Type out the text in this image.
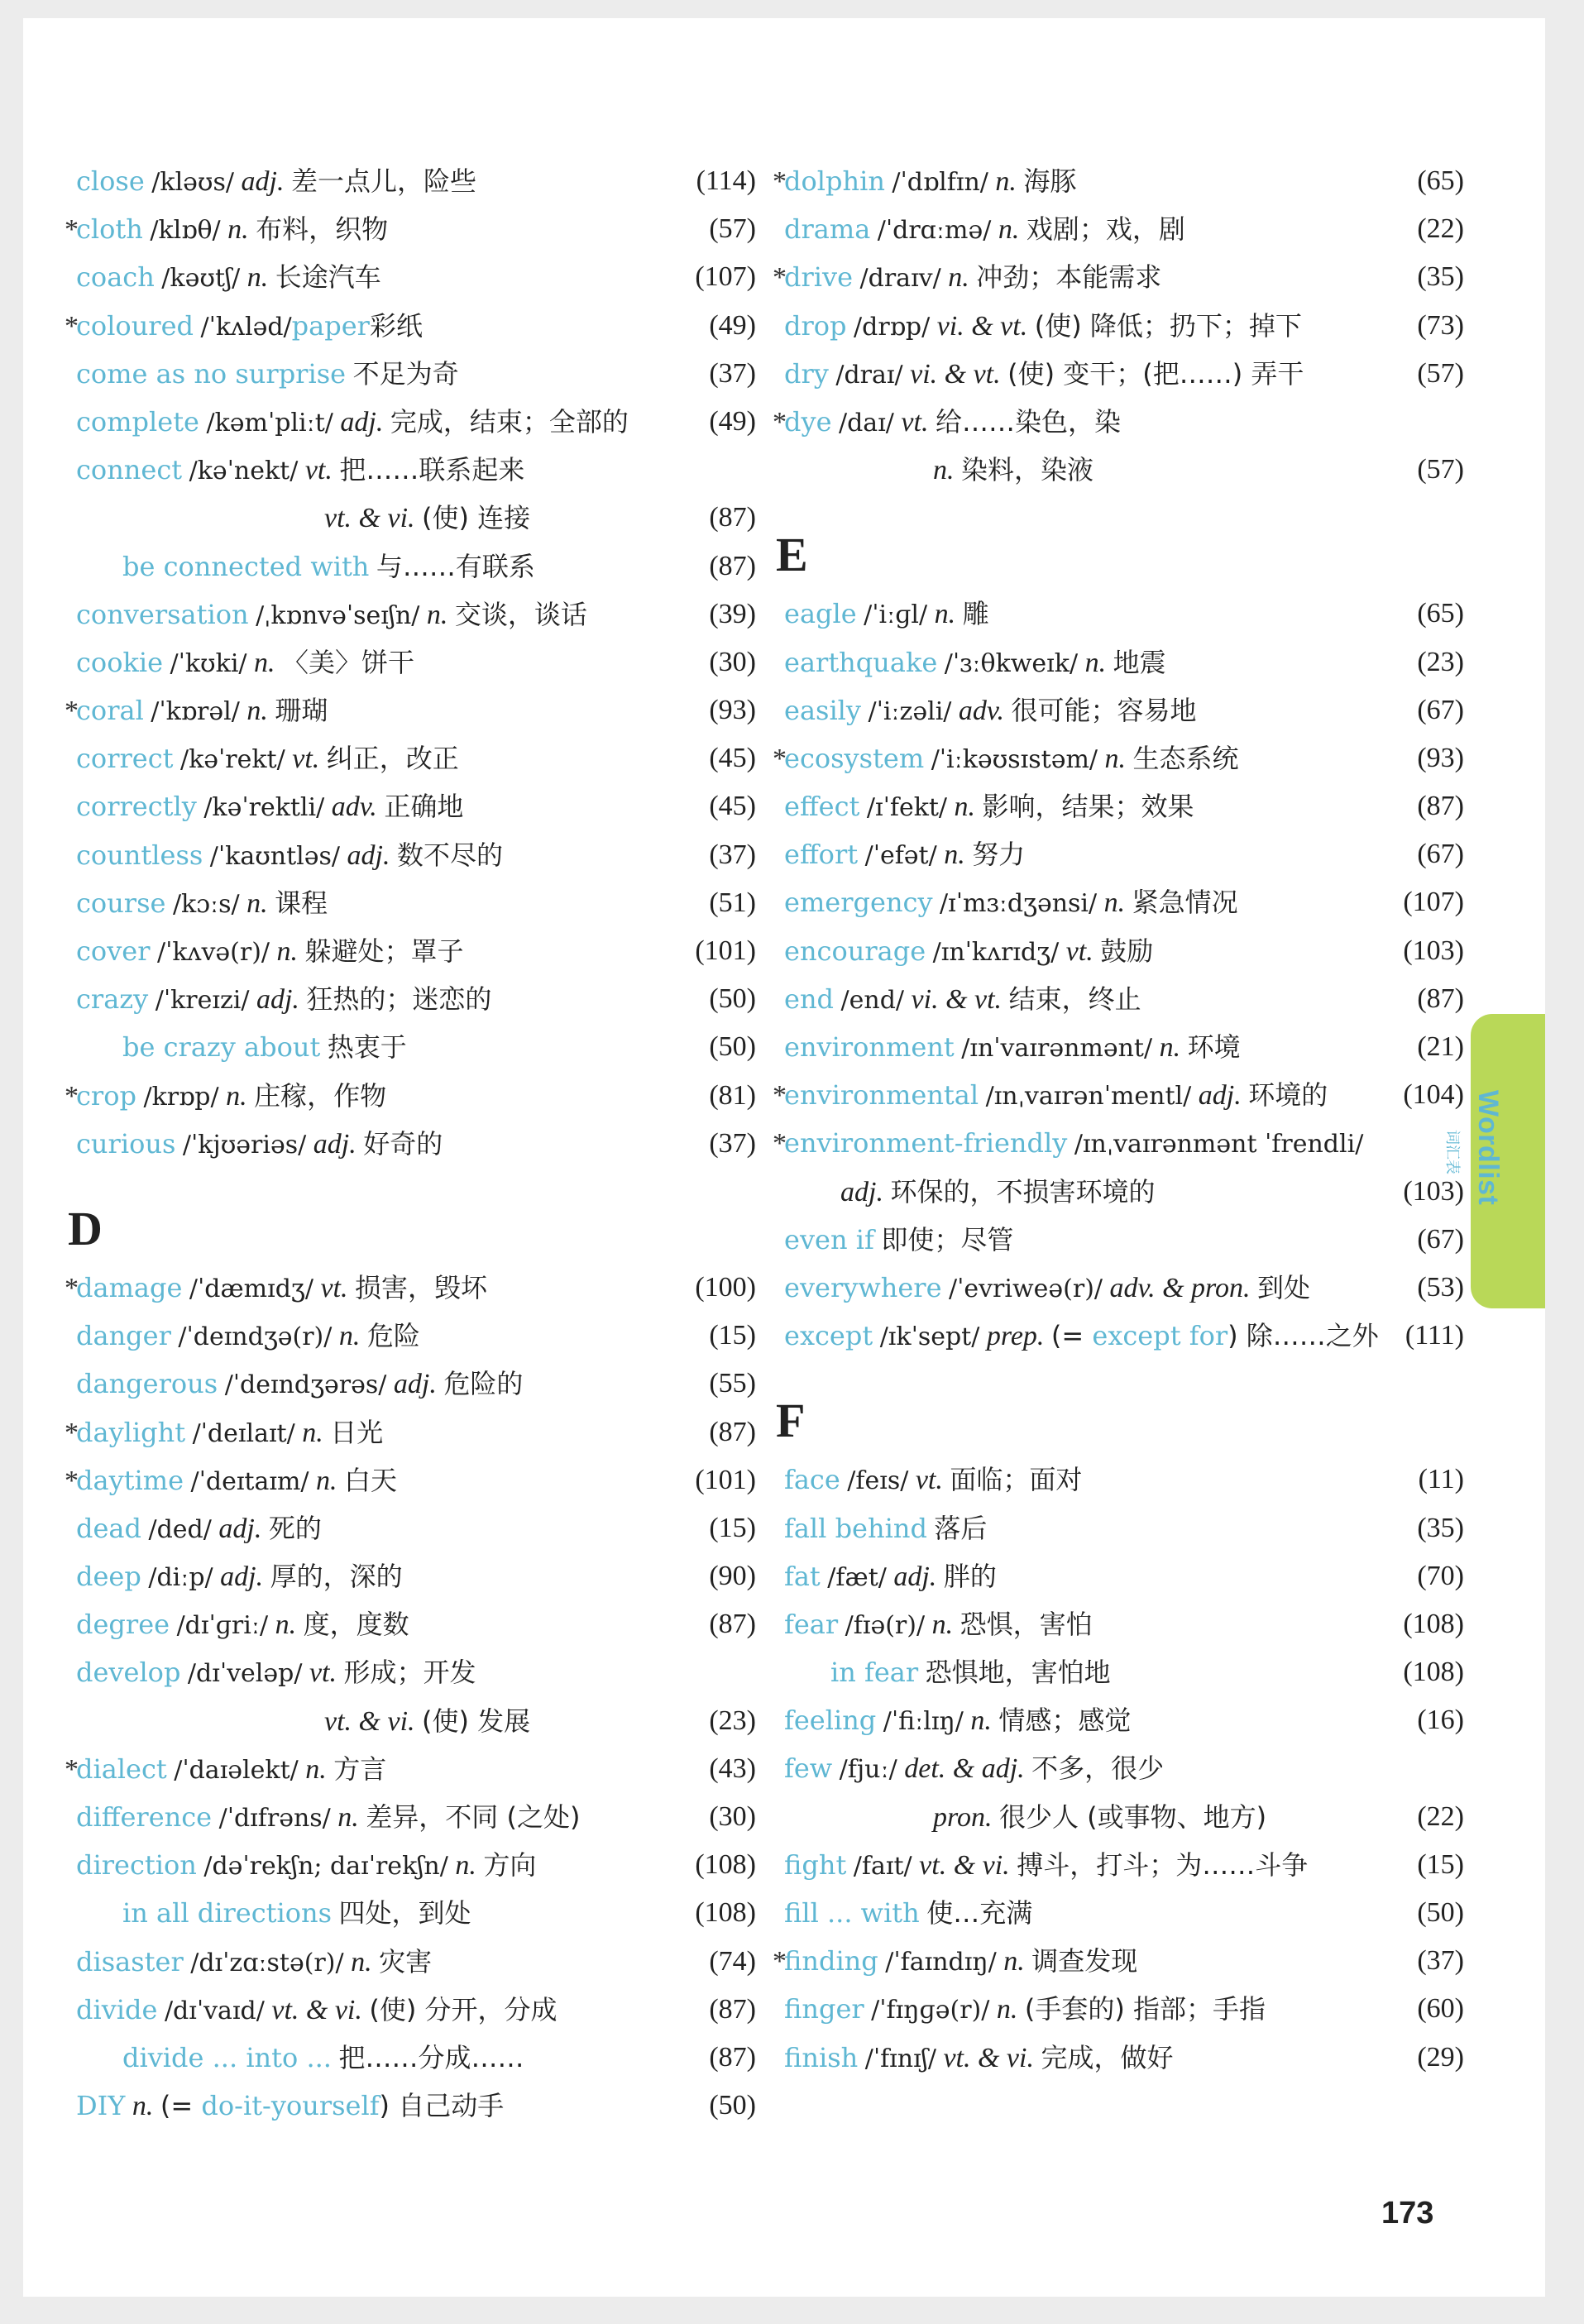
close /kləʊs/ adj. 差一点儿，险些	(114)
*cloth /klɒθ/ n. 布料，织物	(57)
coach /kəʊtʃ/ n. 长途汽车	(107)
*coloured /ˈkʌləd/paper彩纸	(49)
come as no surprise 不足为奇	(37)
complete /kəmˈpliːt/ adj. 完成，结束；全部的	(49)
connect /kəˈnekt/ vt. 把……联系起来
vt. & vi. (使) 连接	(87)
be connected with 与……有联系	(87)
conversation /ˌkɒnvəˈseɪʃn/ n. 交谈，谈话	(39)
cookie /ˈkʊki/ n. 〈美〉饼干	(30)
*coral /ˈkɒrəl/ n. 珊瑚	(93)
correct /kəˈrekt/ vt. 纠正，改正	(45)
correctly /kəˈrektli/ adv. 正确地	(45)
countless /ˈkaʊntləs/ adj. 数不尽的	(37)
course /kɔːs/ n. 课程	(51)
cover /ˈkʌvə(r)/ n. 躲避处；罩子	(101)
crazy /ˈkreɪzi/ adj. 狂热的；迷恋的	(50)
be crazy about 热衷于	(50)
*crop /krɒp/ n. 庄稼，作物	(81)
curious /ˈkjʊəriəs/ adj. 好奇的	(37)
D
*damage /ˈdæmɪdʒ/ vt. 损害，毁坏	(100)
danger /ˈdeɪndʒə(r)/ n. 危险	(15)
dangerous /ˈdeɪndʒərəs/ adj. 危险的	(55)
*daylight /ˈdeɪlaɪt/ n. 日光	(87)
*daytime /ˈdeɪtaɪm/ n. 白天	(101)
dead /ded/ adj. 死的	(15)
deep /diːp/ adj. 厚的，深的	(90)
degree /dɪˈɡriː/ n. 度，度数	(87)
develop /dɪˈveləp/ vt. 形成；开发
vt. & vi. (使) 发展	(23)
*dialect /ˈdaɪəlekt/ n. 方言	(43)
difference /ˈdɪfrəns/ n. 差异，不同 (之处)	(30)
direction /dəˈrekʃn; daɪˈrekʃn/ n. 方向	(108)
in all directions 四处，到处	(108)
disaster /dɪˈzɑːstə(r)/ n. 灾害	(74)
divide /dɪˈvaɪd/ vt. & vi. (使) 分开，分成	(87)
divide ... into ... 把……分成……	(87)
DIY n. (= do-it-yourself) 自己动手	(50)
*dolphin /ˈdɒlfɪn/ n. 海豚	(65)
drama /ˈdrɑːmə/ n. 戏剧；戏，剧	(22)
*drive /draɪv/ n. 冲劲；本能需求	(35)
drop /drɒp/ vi. & vt. (使) 降低；扔下；掉下	(73)
dry /draɪ/ vi. & vt. (使) 变干；(把……) 弄干	(57)
*dye /daɪ/ vt. 给……染色，染
n. 染料，染液	(57)
E
eagle /ˈiːɡl/ n. 雕	(65)
earthquake /ˈɜːθkweɪk/ n. 地震	(23)
easily /ˈiːzəli/ adv. 很可能；容易地	(67)
*ecosystem /ˈiːkəʊsɪstəm/ n. 生态系统	(93)
effect /ɪˈfekt/ n. 影响，结果；效果	(87)
effort /ˈefət/ n. 努力	(67)
emergency /ɪˈmɜːdʒənsi/ n. 紧急情况	(107)
encourage /ɪnˈkʌrɪdʒ/ vt. 鼓励	(103)
end /end/ vi. & vt. 结束，终止	(87)
environment /ɪnˈvaɪrənmənt/ n. 环境	(21)
*environmental /ɪnˌvaɪrənˈmentl/ adj. 环境的	(104)
*environment-friendly /ɪnˌvaɪrənmənt ˈfrendli/
adj. 环保的，不损害环境的	(103)
even if 即使；尽管	(67)
everywhere /ˈevriweə(r)/ adv. & pron. 到处	(53)
except /ɪkˈsept/ prep. (= except for) 除……之外 (111)
F
face /feɪs/ vt. 面临；面对	(11)
fall behind 落后	(35)
fat /fæt/ adj. 胖的	(70)
fear /fɪə(r)/ n. 恐惧，害怕	(108)
in fear 恐惧地，害怕地	(108)
feeling /ˈfiːlɪŋ/ n. 情感；感觉	(16)
few /fjuː/ det. & adj. 不多，很少
pron. 很少人 (或事物、地方)	(22)
fight /faɪt/ vt. & vi. 搏斗，打斗；为……斗争	(15)
fill ... with 使…充满	(50)
*finding /ˈfaɪndɪŋ/ n. 调查发现	(37)
finger /ˈfɪŋɡə(r)/ n. (手套的) 指部；手指	(60)
finish /ˈfɪnɪʃ/ vt. & vi. 完成，做好	(29)
Wordlist
词汇表
173
